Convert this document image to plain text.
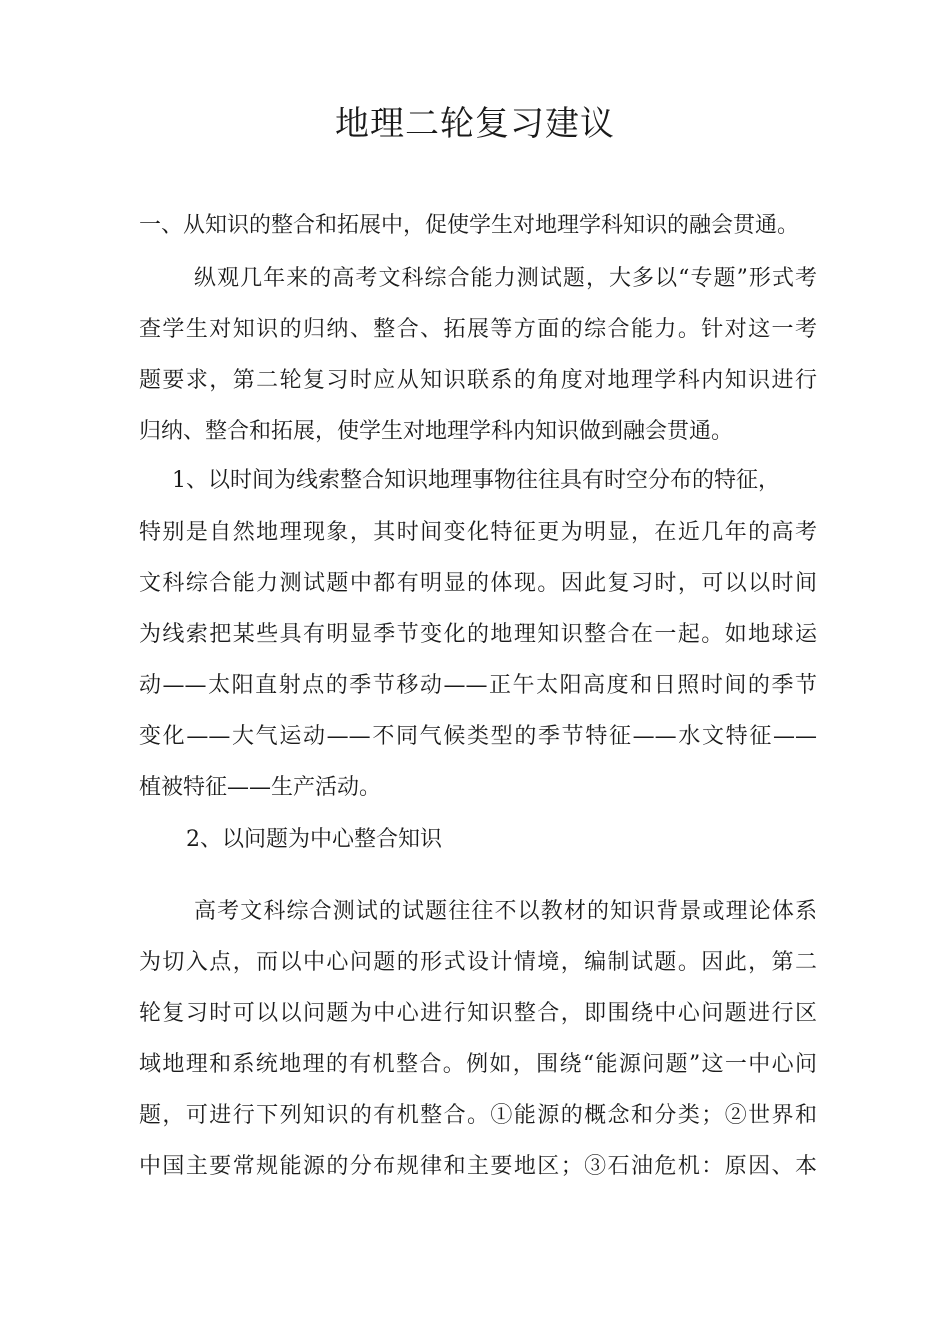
地理二轮复习建议

一、从知识的整合和拓展中，促使学生对地理学科知识的融会贯通。

纵观几年来的高考文科综合能力测试题，大多以“专题”形式考

查学生对知识的归纳、整合、拓展等方面的综合能力。针对这一考

题要求，第二轮复习时应从知识联系的角度对地理学科内知识进行

归纳、整合和拓展，使学生对地理学科内知识做到融会贯通。

1、以时间为线索整合知识地理事物往往具有时空分布的特征，

特别是自然地理现象，其时间变化特征更为明显，在近几年的高考

文科综合能力测试题中都有明显的体现。因此复习时，可以以时间

为线索把某些具有明显季节变化的地理知识整合在一起。如地球运

动——太阳直射点的季节移动——正午太阳高度和日照时间的季节

变化——大气运动——不同气候类型的季节特征——水文特征——

植被特征——生产活动。

2、以问题为中心整合知识

高考文科综合测试的试题往往不以教材的知识背景或理论体系

为切入点，而以中心问题的形式设计情境，编制试题。因此，第二

轮复习时可以以问题为中心进行知识整合，即围绕中心问题进行区

域地理和系统地理的有机整合。例如，围绕“能源问题”这一中心问

题，可进行下列知识的有机整合。①能源的概念和分类；②世界和

中国主要常规能源的分布规律和主要地区；③石油危机：原因、本
